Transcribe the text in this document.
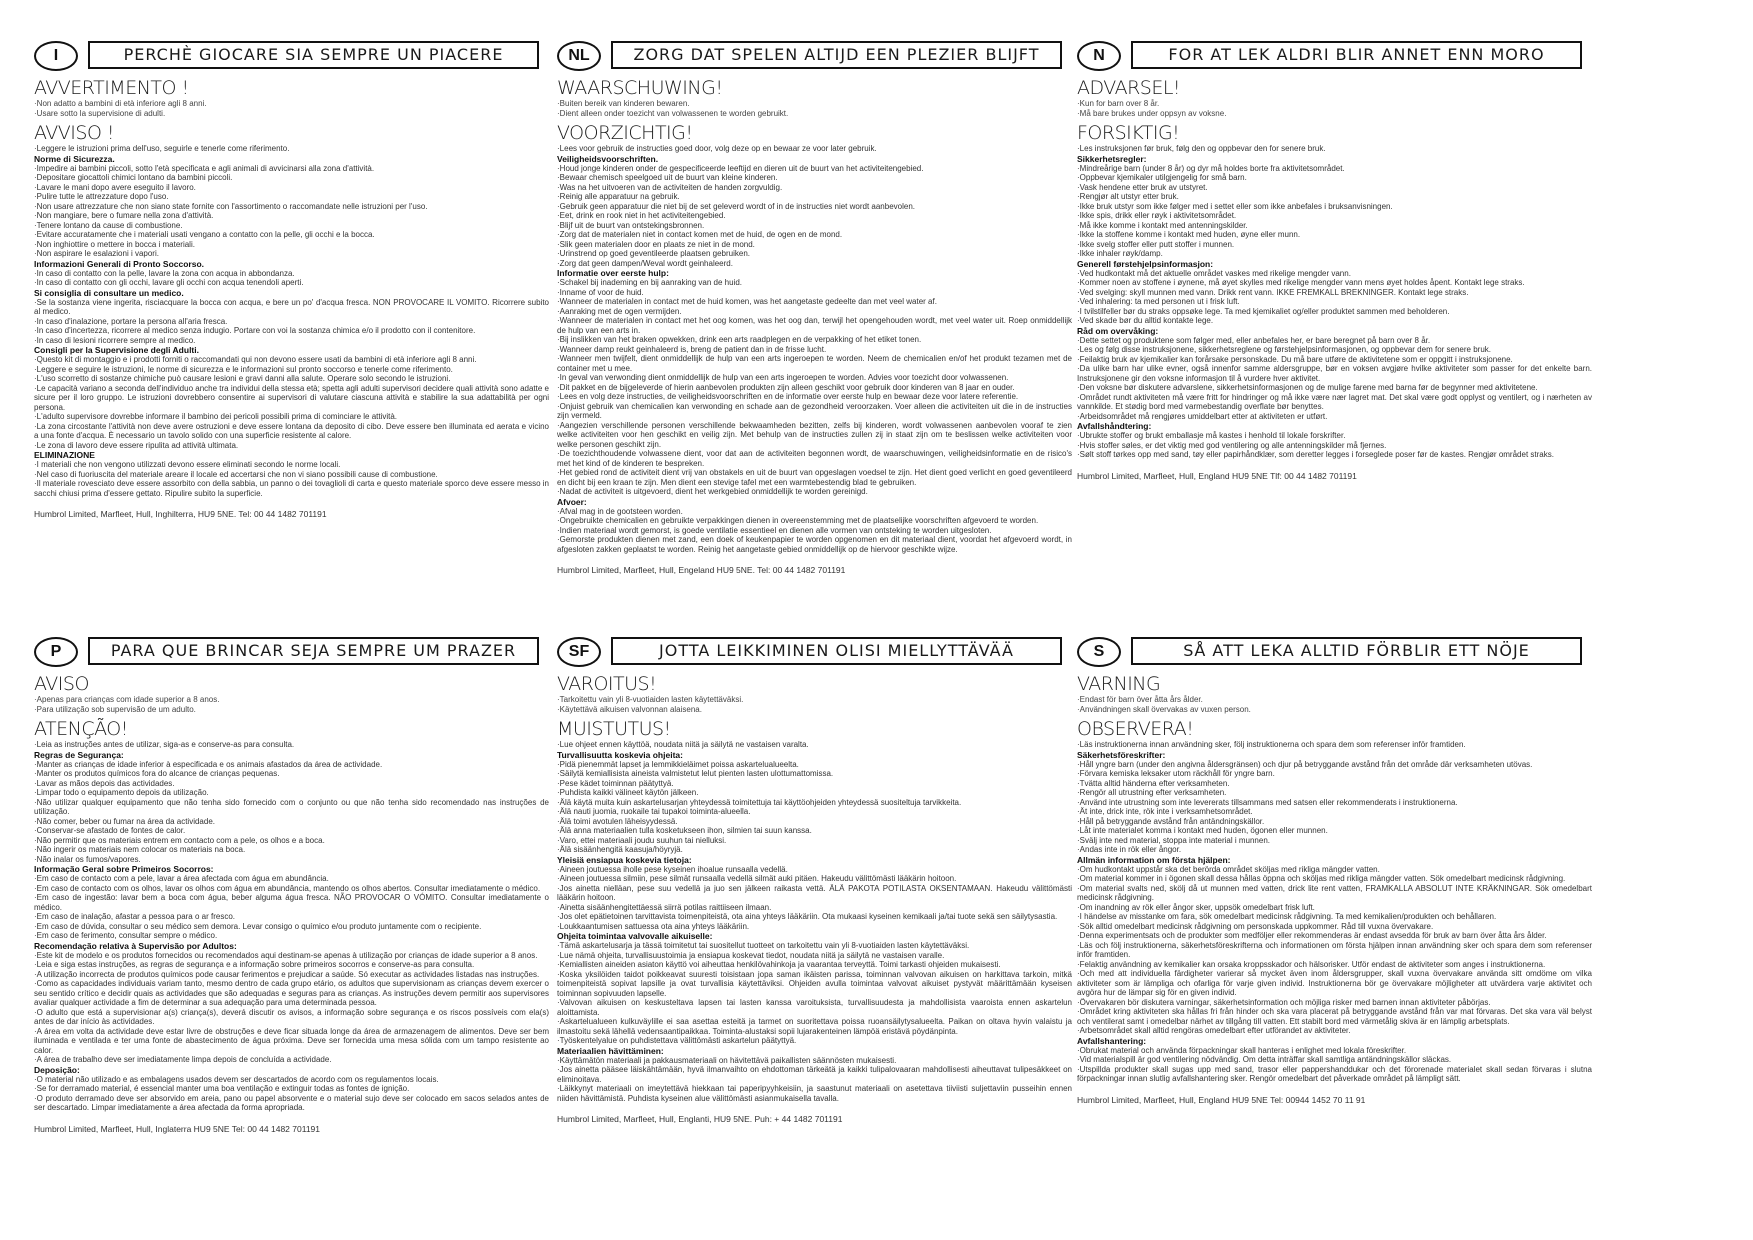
I	PERCHÈ GIOCARE SIA SEMPRE UN PIACERE
AVVERTIMENTO !
·Non adatto a bambini di età inferiore agli 8 anni.
·Usare sotto la supervisione di adulti.
AVVISO !
·Leggere le istruzioni prima dell'uso, seguirle e tenerle come riferimento.
Norme di Sicurezza.
·Impedire ai bambini piccoli, sotto l'età specificata e agli animali di avvicinarsi alla zona d'attività.
·Depositare giocattoli chimici lontano da bambini piccoli.
·Lavare le mani dopo avere eseguito il lavoro.
·Pulire tutte le attrezzature dopo l'uso.
·Non usare attrezzature che non siano state fornite con l'assortimento o raccomandate nelle istruzioni per l'uso.
·Non mangiare, bere o fumare nella zona d'attività.
·Tenere lontano da cause di combustione.
·Evitare accuratamente che i materiali usati vengano a contatto con la pelle, gli occhi e la bocca.
·Non inghiottire o mettere in bocca i materiali.
·Non aspirare le esalazioni i vapori.
Informazioni Generali di Pronto Soccorso.
·In caso di contatto con la pelle, lavare la zona con acqua in abbondanza.
·In caso di contatto con gli occhi, lavare gli occhi con acqua tenendoli aperti.
Si consiglia di consultare un medico.
·Se la sostanza viene ingerita, risciacquare la bocca con acqua, e bere un po' d'acqua fresca. NON PROVOCARE IL VOMITO. Ricorrere subito al medico.
·In caso d'inalazione, portare la persona all'aria fresca.
·In caso d'incertezza, ricorrere al medico senza indugio. Portare con voi la sostanza chimica e/o il prodotto con il contenitore.
·In caso di lesioni ricorrere sempre al medico.
Consigli per la Supervisione degli Adulti.
·Questo kit di montaggio e i prodotti forniti o raccomandati qui non devono essere usati da bambini di età inferiore agli 8 anni.
·Leggere e seguire le istruzioni, le norme di sicurezza e le informazioni sul pronto soccorso e tenerle come riferimento.
·L'uso scorretto di sostanze chimiche può causare lesioni e gravi danni alla salute. Operare solo secondo le istruzioni.
·Le capacità variano a seconda dell'individuo anche tra individui della stessa età; spetta agli adulti supervisori decidere quali attività sono adatte e sicure per il loro gruppo. Le istruzioni dovrebbero consentire ai supervisori di valutare ciascuna attività e stabilire la sua adattabilità per ogni persona.
·L'adulto supervisore dovrebbe informare il bambino dei pericoli possibili prima di cominciare le attività.
·La zona circostante l'attività non deve avere ostruzioni e deve essere lontana da deposito di cibo. Deve essere ben illuminata ed aerata e vicino a una fonte d'acqua. È necessario un tavolo solido con una superficie resistente al calore.
·Le zona di lavoro deve essere ripulita ad attività ultimata.
ELIMINAZIONE
·I materiali che non vengono utilizzati devono essere eliminati secondo le norme locali.
·Nel caso di fuoriuscita del materiale areare il locale ed accertarsi che non vi siano possibili cause di combustione.
·Il materiale rovesciato deve essere assorbito con della sabbia, un panno o dei tovaglioli di carta e questo materiale sporco deve essere messo in sacchi chiusi prima d'essere gettato. Ripulire subito la superficie.
Humbrol Limited, Marfleet, Hull, Inghilterra, HU9 5NE. Tel: 00 44 1482 701191
NL	ZORG DAT SPELEN ALTIJD EEN PLEZIER BLIJFT
WAARSCHUWING!
·Buiten bereik van kinderen bewaren.
·Dient alleen onder toezicht van volwassenen te worden gebruikt.
VOORZICHTIG!
·Lees voor gebruik de instructies goed door, volg deze op en bewaar ze voor later gebruik.
Veiligheidsvoorschriften.
·Houd jonge kinderen onder de gespecificeerde leeftijd en dieren uit de buurt van het activiteitengebied.
·Bewaar chemisch speelgoed uit de buurt van kleine kinderen.
·Was na het uitvoeren van de activiteiten de handen zorgvuldig.
·Reinig alle apparatuur na gebruik.
·Gebruik geen apparatuur die niet bij de set geleverd wordt of in de instructies niet wordt aanbevolen.
·Eet, drink en rook niet in het activiteitengebied.
·Blijf uit de buurt van ontstekingsbronnen.
·Zorg dat de materialen niet in contact komen met de huid, de ogen en de mond.
·Slik geen materialen door en plaats ze niet in de mond.
·Urinstrend op goed geventileerde plaatsen gebruiken.
·Zorg dat geen dampen/Weval wordt geinhaleerd.
Informatie over eerste hulp:
·Schakel bij inademing en bij aanraking van de huid.
·Inname of voor de huid.
·Wanneer de materialen in contact met de huid komen, was het aangetaste gedeelte dan met veel water af.
·Aanraking met de ogen vermijden.
·Wanneer de materialen in contact met het oog komen, was het oog dan, terwijl het opengehouden wordt, met veel water uit. Roep onmiddellijk de hulp van een arts in.
·Bij inslikken van het braken opwekken, drink een arts raadplegen en de verpakking of het etiket tonen.
·Wanneer damp reukt geinhaleerd is, breng de patient dan in de frisse lucht.
·Wanneer men twijfelt, dient onmiddellijk de hulp van een arts ingeroepen te worden. Neem de chemicalien en/of het produkt tezamen met de container met u mee.
·In geval van verwonding dient onmiddellijk de hulp van een arts ingeroepen te worden. Advies voor toezicht door volwassenen.
·Dit pakket en de bijgeleverde of hierin aanbevolen produkten zijn alleen geschikt voor gebruik door kinderen van 8 jaar en ouder.
·Lees en volg deze instructies, de veiligheidsvoorschriften en de informatie over eerste hulp en bewaar deze voor latere referentie.
·Onjuist gebruik van chemicalien kan verwonding en schade aan de gezondheid veroorzaken. Voer alleen die activiteiten uit die in de instructies zijn vermeld.
·Aangezien verschillende personen verschillende bekwaamheden bezitten, zelfs bij kinderen, wordt volwassenen aanbevolen vooraf te zien welke activiteiten voor hen geschikt en veilig zijn. Met behulp van de instructies zullen zij in staat zijn om te beslissen welke activiteiten voor welke personen geschikt zijn.
·De toezichthoudende volwassene dient, voor dat aan de activiteiten begonnen wordt, de waarschuwingen, veiligheidsinformatie en de risico's met het kind of de kinderen te bespreken.
·Het gebied rond de activiteit dient vrij van obstakels en uit de buurt van opgeslagen voedsel te zijn. Het dient goed verlicht en goed geventileerd en dicht bij een kraan te zijn. Men dient een stevige tafel met een warmtebestendig blad te gebruiken.
·Nadat de activiteit is uitgevoerd, dient het werkgebied onmiddellijk te worden gereinigd.
Afvoer:
·Afval mag in de gootsteen worden.
·Ongebruikte chemicalien en gebruikte verpakkingen dienen in overeenstemming met de plaatselijke voorschriften afgevoerd te worden.
·Indien materiaal wordt gemorst, is goede ventilatie essentieel en dienen alle vormen van ontsteking te worden uitgesloten.
·Gemorste produkten dienen met zand, een doek of keukenpapier te worden opgenomen en dit materiaal dient, voordat het afgevoerd wordt, in afgesloten zakken geplaatst te worden. Reinig het aangetaste gebied onmiddellijk op de hiervoor geschikte wijze.
Humbrol Limited, Marfleet, Hull, Engeland HU9 5NE. Tel: 00 44 1482 701191
N	FOR AT LEK ALDRI BLIR ANNET ENN MORO
ADVARSEL!
·Kun for barn over 8 år.
·Må bare brukes under oppsyn av voksne.
FORSIKTIG!
·Les instruksjonen før bruk, følg den og oppbevar den for senere bruk.
Sikkerhetsregler:
·Mindreårige barn (under 8 år) og dyr må holdes borte fra aktivitetsområdet.
·Oppbevar kjemikaler utilgjengelig for små barn.
·Vask hendene etter bruk av utstyret.
·Rengjør alt utstyr etter bruk.
·Ikke bruk utstyr som ikke følger med i settet eller som ikke anbefales i bruksanvisningen.
·Ikke spis, drikk eller røyk i aktivitetsområdet.
·Må ikke komme i kontakt med antenningskilder.
·Ikke la stoffene komme i kontakt med huden, øyne eller munn.
·Ikke svelg stoffer eller putt stoffer i munnen.
·Ikke inhaler røyk/damp.
Generell førstehjelpsinformasjon:
·Ved hudkontakt må det aktuelle området vaskes med rikelige mengder vann.
·Kommer noen av stoffene i øynene, må øyet skylles med rikelige mengder vann mens øyet holdes åpent. Kontakt lege straks.
·Ved svelging: skyll munnen med vann. Drikk rent vann. IKKE FREMKALL BREKNINGER. Kontakt lege straks.
·Ved inhalering: ta med personen ut i frisk luft.
·I tvilstilfeller bør du straks oppsøke lege. Ta med kjemikaliet og/eller produktet sammen med beholderen.
·Ved skade bør du alltid kontakte lege.
Råd om overvåking:
·Dette settet og produktene som følger med, eller anbefales her, er bare beregnet på barn over 8 år.
·Les og følg disse instruksjonene, sikkerhetsreglene og førstehjelpsinformasjonen, og oppbevar dem for senere bruk.
·Feilaktig bruk av kjemikalier kan forårsake personskade. Du må bare utføre de aktivitetene som er oppgitt i instruksjonene.
·Da ulike barn har ulike evner, også innenfor samme aldersgruppe, bør en voksen avgjøre hvilke aktiviteter som passer for det enkelte barn. Instruksjonene gir den voksne informasjon til å vurdere hver aktivitet.
·Den voksne bør diskutere advarslene, sikkerhetsinformasjonen og de mulige farene med barna før de begynner med aktivitetene.
·Området rundt aktiviteten må være fritt for hindringer og må ikke være nær lagret mat. Det skal være godt opplyst og ventilert, og i nærheten av vannkilde. Et stødig bord med varmebestandig overflate bør benyttes.
·Arbeidsområdet må rengjøres umiddelbart etter at aktiviteten er utført.
Avfallshåndtering:
·Ubrukte stoffer og brukt emballasje må kastes i henhold til lokale forskrifter.
·Hvis stoffer søles, er det viktig med god ventilering og alle antenningskilder må fjernes.
·Sølt stoff tørkes opp med sand, tøy eller papirhåndklær, som deretter legges i forseglede poser før de kastes. Rengjør området straks.
Humbrol Limited, Marfleet, Hull, England HU9 5NE Tlf: 00 44 1482 701191
P	PARA QUE BRINCAR SEJA SEMPRE UM PRAZER
AVISO
·Apenas para crianças com idade superior a 8 anos.
·Para utilização sob supervisão de um adulto.
ATENÇÃO!
·Leia as instruções antes de utilizar, siga-as e conserve-as para consulta.
Regras de Segurança:
·Manter as crianças de idade inferior à especificada e os animais afastados da área de actividade.
·Manter os produtos químicos fora do alcance de crianças pequenas.
·Lavar as mãos depois das actividades.
·Limpar todo o equipamento depois da utilização.
·Não utilizar qualquer equipamento que não tenha sido fornecido com o conjunto ou que não tenha sido recomendado nas instruções de utilização.
·Não comer, beber ou fumar na área da actividade.
·Conservar-se afastado de fontes de calor.
·Não permitir que os materiais entrem em contacto com a pele, os olhos e a boca.
·Não ingerir os materiais nem colocar os materiais na boca.
·Não inalar os fumos/vapores.
Informação Geral sobre Primeiros Socorros:
·Em caso de contacto com a pele, lavar a área afectada com água em abundância.
·Em caso de contacto com os olhos, lavar os olhos com água em abundância, mantendo os olhos abertos. Consultar imediatamente o médico.
·Em caso de ingestão: lavar bem a boca com água, beber alguma água fresca. NÃO PROVOCAR O VÓMITO. Consultar imediatamente o médico.
·Em caso de inalação, afastar a pessoa para o ar fresco.
·Em caso de dúvida, consultar o seu médico sem demora. Levar consigo o químico e/ou produto juntamente com o recipiente.
·Em caso de ferimento, consultar sempre o médico.
Recomendação relativa à Supervisão por Adultos:
·Este kit de modelo e os produtos fornecidos ou recomendados aqui destinam-se apenas à utilização por crianças de idade superior a 8 anos.
·Leia e siga estas instruções, as regras de segurança e a informação sobre primeiros socorros e conserve-as para consulta.
·A utilização incorrecta de produtos químicos pode causar ferimentos e prejudicar a saúde. Só executar as actividades listadas nas instruções.
·Como as capacidades individuais variam tanto, mesmo dentro de cada grupo etário, os adultos que supervisionam as crianças devem exercer o seu sentido crítico e decidir quais as actividades que são adequadas e seguras para as crianças. As instruções devem permitir aos supervisores avaliar qualquer actividade a fim de determinar a sua adequação para uma determinada pessoa.
·O adulto que está a supervisionar a(s) criança(s), deverá discutir os avisos, a informação sobre segurança e os riscos possíveis com ela(s) antes de dar início às actividades.
·A área em volta da actividade deve estar livre de obstruções e deve ficar situada longe da área de armazenagem de alimentos. Deve ser bem iluminada e ventilada e ter uma fonte de abastecimento de água próxima. Deve ser fornecida uma mesa sólida com um tampo resistente ao calor.
·A área de trabalho deve ser imediatamente limpa depois de concluída a actividade.
Deposição:
·O material não utilizado e as embalagens usados devem ser descartados de acordo com os regulamentos locais.
·Se for derramado material, é essencial manter uma boa ventilação e extinguir todas as fontes de ignição.
·O produto derramado deve ser absorvido em areia, pano ou papel absorvente e o material sujo deve ser colocado em sacos selados antes de ser descartado. Limpar imediatamente a área afectada da forma apropriada.
Humbrol Limited, Marfleet, Hull, Inglaterra HU9 5NE Tel: 00 44 1482 701191
SF	JOTTA LEIKKIMINEN OLISI MIELLYTTÄVÄÄ
VAROITUS!
·Tarkoitettu vain yli 8-vuotiaiden lasten käytettäväksi.
·Käytettävä aikuisen valvonnan alaisena.
MUISTUTUS!
·Lue ohjeet ennen käyttöä, noudata niitä ja säilytä ne vastaisen varalta.
Turvallisuutta koskevia ohjeita:
·Pidä pienemmät lapset ja lemmikkieläimet poissa askartelualueelta.
·Säilytä kemiallisista aineista valmistetut lelut pienten lasten ulottumattomissa.
·Pese kädet toiminnan päätyttyä.
·Puhdista kaikki välineet käytön jälkeen.
·Älä käytä muita kuin askartelusarjan yhteydessä toimitettuja tai käyttöohjeiden yhteydessä suositeltuja tarvikkeita.
·Älä nauti juomia, ruokaile tai tupakoi toiminta-alueella.
·Älä toimi avotulen läheisyydessä.
·Älä anna materiaalien tulla kosketukseen ihon, silmien tai suun kanssa.
·Varo, ettei materiaali joudu suuhun tai nielluksi.
·Älä sisäänhengitä kaasuja/höyryjä.
Yleisiä ensiapua koskevia tietoja:
·Aineen joutuessa iholle pese kyseinen ihoalue runsaalla vedellä.
·Aineen joutuessa silmiin, pese silmät runsaalla vedellä silmät auki pitäen. Hakeudu välittömästi lääkärin hoitoon.
·Jos ainetta nielläan, pese suu vedellä ja juo sen jälkeen raikasta vettä. ÄLÄ PAKOTA POTILASTA OKSENTAMAAN. Hakeudu välittömästi lääkärin hoitoon.
·Ainetta sisäänhengitettäessä siirrä potilas raittiiseen ilmaan.
·Jos olet epätietoinen tarvittavista toimenpiteistä, ota aina yhteys lääkäriin. Ota mukaasi kyseinen kemikaali ja/tai tuote sekä sen säilytysastia.
·Loukkaantumisen sattuessa ota aina yhteys lääkäriin.
Ohjeita toimintaa valvovalle aikuiselle:
·Tämä askartelusarja ja tässä toimitetut tai suositellut tuotteet on tarkoitettu vain yli 8-vuotiaiden lasten käytettäväksi.
·Lue nämä ohjeita, turvallisuustoimia ja ensiapua koskevat tiedot, noudata niitä ja säilytä ne vastaisen varalle.
·Kemiallisten aineiden asiaton käyttö voi aiheuttaa henkilövahinkoja ja vaarantaa terveyttä. Toimi tarkasti ohjeiden mukaisesti.
·Koska yksilöiden taidot poikkeavat suuresti toisistaan jopa saman ikäisten parissa, toiminnan valvovan aikuisen on harkittava tarkoin, mitkä toimenpiteistä sopivat lapsille ja ovat turvallisia käytettäviksi. Ohjeiden avulla toimintaa valvovat aikuiset pystyvät määrittämään kyseisen toiminnan sopivuuden lapselle.
·Valvovan aikuisen on keskusteltava lapsen tai lasten kanssa varoituksista, turvallisuudesta ja mahdollisista vaaroista ennen askartelun aloittamista.
·Askartelualueen kulkuväylille ei saa asettaa esteitä ja tarmet on suoritettava poissa ruoansäilytysalueelta. Paikan on oltava hyvin valaistu ja ilmastoitu sekä lähellä vedensaantipaikkaa. Toiminta-alustaksi sopii lujarakenteinen lämpöä eristävä pöydänpinta.
·Työskentelyalue on puhdistettava välittömästi askartelun päätyttyä.
Materiaalien hävittäminen:
·Käyttämätön materiaali ja pakkausmateriaali on hävitettävä paikallisten säännösten mukaisesti.
·Jos ainetta pääsee läiskähtämään, hyvä ilmanvaihto on ehdottoman tärkeätä ja kaikki tulipalovaaran mahdollisesti aiheuttavat tulipesäkkeet on eliminoitava.
·Läikkynyt materiaali on imeytettävä hiekkaan tai paperipyyhkeisiin, ja saastunut materiaali on asetettava tiiviisti suljettaviin pusseihin ennen niiden hävittämistä. Puhdista kyseinen alue välittömästi asianmukaisella tavalla.
Humbrol Limited, Marfleet, Hull, Englanti, HU9 5NE. Puh: + 44 1482 701191
S	SÅ ATT LEKA ALLTID FÖRBLIR ETT NÖJE
VARNING
·Endast för barn över åtta års ålder.
·Användningen skall övervakas av vuxen person.
OBSERVERA!
·Läs instruktionerna innan användning sker, följ instruktionerna och spara dem som referenser inför framtiden.
Säkerhetsföreskrifter:
·Håll yngre barn (under den angivna åldersgränsen) och djur på betryggande avstånd från det område där verksamheten utövas.
·Förvara kemiska leksaker utom räckhåll för yngre barn.
·Tvätta alltid händerna efter verksamheten.
·Rengör all utrustning efter verksamheten.
·Använd inte utrustning som inte levererats tillsammans med satsen eller rekommenderats i instruktionerna.
·Ät inte, drick inte, rök inte i verksamhetsområdet.
·Håll på betryggande avstånd från antändningskällor.
·Låt inte materialet komma i kontakt med huden, ögonen eller munnen.
·Svälj inte ned material, stoppa inte material i munnen.
·Andas inte in rök eller ångor.
Allmän information om första hjälpen:
·Om hudkontakt uppstår ska det berörda området sköljas med rikliga mängder vatten.
·Om material kommer in i ögonen skall dessa hållas öppna och sköljas med rikliga mängder vatten. Sök omedelbart medicinsk rådgivning.
·Om material svalts ned, skölj då ut munnen med vatten, drick lite rent vatten, FRAMKALLA ABSOLUT INTE KRÄKNINGAR. Sök omedelbart medicinsk rådgivning.
·Om inandning av rök eller ångor sker, uppsök omedelbart frisk luft.
·I händelse av misstanke om fara, sök omedelbart medicinsk rådgivning. Ta med kemikalien/produkten och behållaren.
·Sök alltid omedelbart medicinsk rådgivning om personskada uppkommer. Råd till vuxna övervakare.
·Denna experimentsats och de produkter som medföljer eller rekommenderas är endast avsedda för bruk av barn över åtta års ålder.
·Läs och följ instruktionerna, säkerhetsföreskrifterna och informationen om första hjälpen innan användning sker och spara dem som referenser inför framtiden.
·Felaktig användning av kemikalier kan orsaka kroppsskador och hälsorisker. Utför endast de aktiviteter som anges i instruktionerna.
·Och med att individuella färdigheter varierar så mycket även inom åldersgrupper, skall vuxna övervakare använda sitt omdöme om vilka aktiviteter som är lämpliga och ofarliga för varje given individ. Instruktionerna bör ge övervakare möjligheter att utvärdera varje aktivitet och avgöra hur de lämpar sig för en given individ.
·Övervakaren bör diskutera varningar, säkerhetsinformation och möjliga risker med barnen innan aktiviteter påbörjas.
·Området kring aktiviteten ska hållas fri från hinder och ska vara placerat på betryggande avstånd från var mat förvaras. Det ska vara väl belyst och ventilerat samt i omedelbar närhet av tillgång till vatten. Ett stabilt bord med värmetålig skiva är en lämplig arbetsplats.
·Arbetsområdet skall alltid rengöras omedelbart efter utförandet av aktiviteter.
Avfallshantering:
·Obrukat material och använda förpackningar skall hanteras i enlighet med lokala föreskrifter.
·Vid materialspill är god ventilering nödvändig. Om detta inträffar skall samtliga antändningskällor släckas.
·Utspillda produkter skall sugas upp med sand, trasor eller pappershanddukar och det förorenade materialet skall sedan förvaras i slutna förpackningar innan slutlig avfallshantering sker. Rengör omedelbart det påverkade området på lämpligt sätt.
Humbrol Limited, Marfleet, Hull, England HU9 5NE Tel: 00944 1452 70 11 91
